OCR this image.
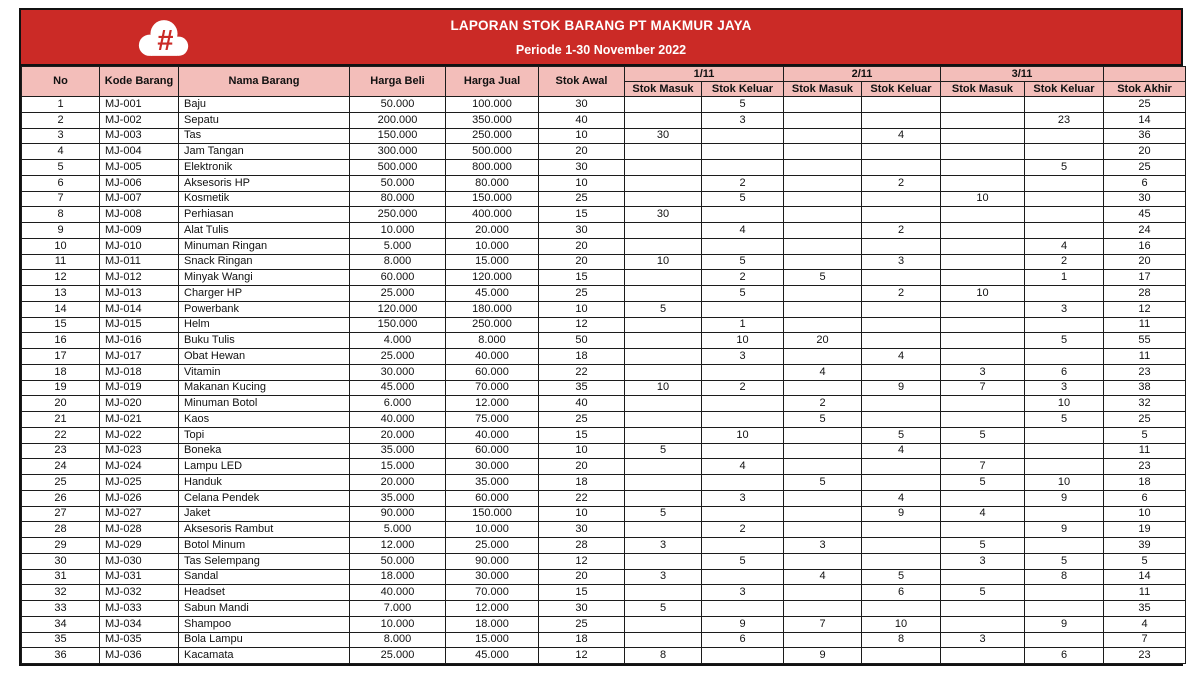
#	LAPORAN STOK BARANG PT MAKMUR JAYA
Periode 1-30 November 2022
No	Kode Barang	Nama Barang	Harga Beli	Harga Jual	Stok Awal	1/11		2/11		3/11		
						Stok Masuk	Stok Keluar	Stok Masuk	Stok Keluar	Stok Masuk	Stok Keluar	Stok Akhir
1	MJ-001	Baju	50.000	100.000	30		5					25
2	MJ-002	Sepatu	200.000	350.000	40		3				23	14
3	MJ-003	Tas	150.000	250.000	10	30			4			36
4	MJ-004	Jam Tangan	300.000	500.000	20							20
5	MJ-005	Elektronik	500.000	800.000	30						5	25
6	MJ-006	Aksesoris HP	50.000	80.000	10		2		2			6
7	MJ-007	Kosmetik	80.000	150.000	25		5			10		30
8	MJ-008	Perhiasan	250.000	400.000	15	30						45
9	MJ-009	Alat Tulis	10.000	20.000	30		4		2			24
10	MJ-010	Minuman Ringan	5.000	10.000	20						4	16
11	MJ-011	Snack Ringan	8.000	15.000	20	10	5		3		2	20
12	MJ-012	Minyak Wangi	60.000	120.000	15		2	5			1	17
13	MJ-013	Charger HP	25.000	45.000	25		5		2	10		28
14	MJ-014	Powerbank	120.000	180.000	10	5					3	12
15	MJ-015	Helm	150.000	250.000	12		1					11
16	MJ-016	Buku Tulis	4.000	8.000	50		10	20			5	55
17	MJ-017	Obat Hewan	25.000	40.000	18		3		4			11
18	MJ-018	Vitamin	30.000	60.000	22			4		3	6	23
19	MJ-019	Makanan Kucing	45.000	70.000	35	10	2		9	7	3	38
20	MJ-020	Minuman Botol	6.000	12.000	40			2			10	32
21	MJ-021	Kaos	40.000	75.000	25			5			5	25
22	MJ-022	Topi	20.000	40.000	15		10		5	5		5
23	MJ-023	Boneka	35.000	60.000	10	5			4			11
24	MJ-024	Lampu LED	15.000	30.000	20		4			7		23
25	MJ-025	Handuk	20.000	35.000	18			5		5	10	18
26	MJ-026	Celana Pendek	35.000	60.000	22		3		4		9	6
27	MJ-027	Jaket	90.000	150.000	10	5			9	4		10
28	MJ-028	Aksesoris Rambut	5.000	10.000	30		2				9	19
29	MJ-029	Botol Minum	12.000	25.000	28	3		3		5		39
30	MJ-030	Tas Selempang	50.000	90.000	12		5			3	5	5
31	MJ-031	Sandal	18.000	30.000	20	3		4	5		8	14
32	MJ-032	Headset	40.000	70.000	15		3		6	5		11
33	MJ-033	Sabun Mandi	7.000	12.000	30	5						35
34	MJ-034	Shampoo	10.000	18.000	25		9	7	10		9	4
35	MJ-035	Bola Lampu	8.000	15.000	18		6		8	3		7
36	MJ-036	Kacamata	25.000	45.000	12	8		9			6	23
